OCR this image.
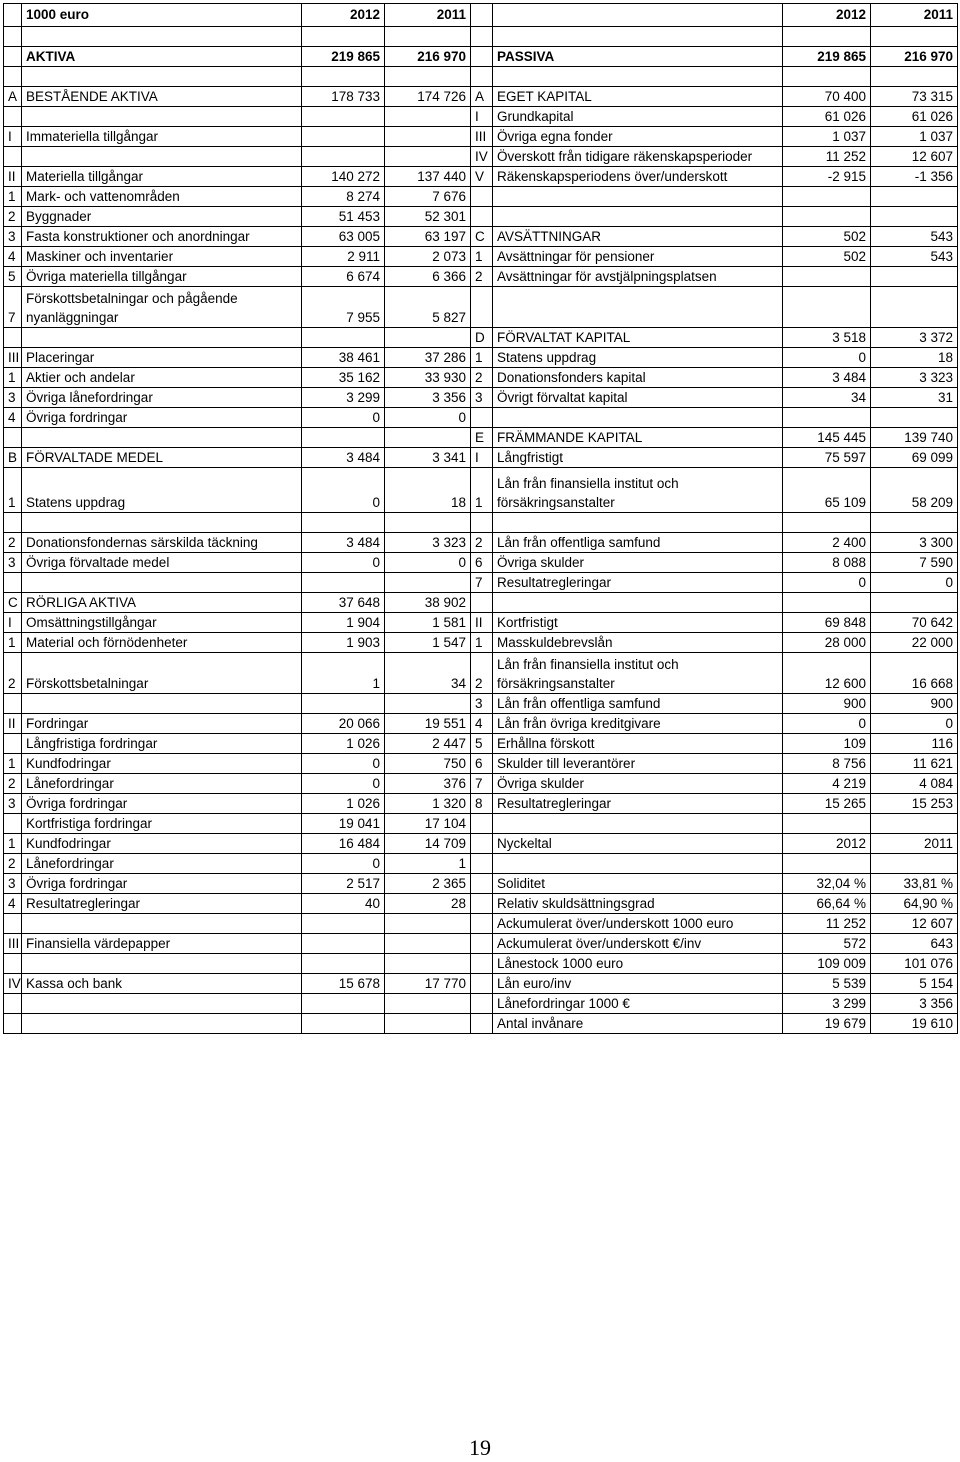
	1000 euro	2012	2011			2012	2011

	AKTIVA	219 865	216 970		PASSIVA	219 865	216 970

A	BESTÅENDE AKTIVA	178 733	174 726	A	EGET KAPITAL	70 400	73 315
				I	Grundkapital	61 026	61 026
I	Immateriella tillgångar			III	Övriga egna fonder	1 037	1 037
				IV	Överskott från tidigare räkenskapsperioder	11 252	12 607
II	Materiella tillgångar	140 272	137 440	V	Räkenskapsperiodens över/underskott	-2 915	-1 356
1	Mark- och vattenområden	8 274	7 676				
2	Byggnader	51 453	52 301				
3	Fasta konstruktioner och anordningar	63 005	63 197	C	AVSÄTTNINGAR	502	543
4	Maskiner och inventarier	2 911	2 073	1	Avsättningar för pensioner	502	543
5	Övriga materiella tillgångar	6 674	6 366	2	Avsättningar för avstjälpningsplatsen		
7	Förskottsbetalningar och pågående
nyanläggningar	7 955	5 827				
				D	FÖRVALTAT KAPITAL	3 518	3 372
III	Placeringar	38 461	37 286	1	Statens uppdrag	0	18
1	Aktier och andelar	35 162	33 930	2	Donationsfonders kapital	3 484	3 323
3	Övriga lånefordringar	3 299	3 356	3	Övrigt förvaltat kapital	34	31
4	Övriga fordringar	0	0				
				E	FRÄMMANDE KAPITAL	145 445	139 740
B	FÖRVALTADE MEDEL	3 484	3 341	I	Långfristigt	75 597	69 099
1	Statens uppdrag	0	18	1	Lån från finansiella institut och
försäkringsanstalter	65 109	58 209

2	Donationsfondernas särskilda täckning	3 484	3 323	2	Lån från offentliga samfund	2 400	3 300
3	Övriga förvaltade medel	0	0	6	Övriga skulder	8 088	7 590
				7	Resultatregleringar	0	0
C	RÖRLIGA AKTIVA	37 648	38 902				
I	Omsättningstillgångar	1 904	1 581	II	Kortfristigt	69 848	70 642
1	Material och förnödenheter	1 903	1 547	1	Masskuldebrevslån	28 000	22 000
2	Förskottsbetalningar	1	34	2	Lån från finansiella institut och
försäkringsanstalter	12 600	16 668
				3	Lån från offentliga samfund	900	900
II	Fordringar	20 066	19 551	4	Lån från övriga kreditgivare	0	0
	Långfristiga fordringar	1 026	2 447	5	Erhållna förskott	109	116
1	Kundfodringar	0	750	6	Skulder till leverantörer	8 756	11 621
2	Lånefordringar	0	376	7	Övriga skulder	4 219	4 084
3	Övriga fordringar	1 026	1 320	8	Resultatregleringar	15 265	15 253
	Kortfristiga fordringar	19 041	17 104				
1	Kundfodringar	16 484	14 709		Nyckeltal	2012	2011
2	Lånefordringar	0	1				
3	Övriga fordringar	2 517	2 365		Soliditet	32,04 %	33,81 %
4	Resultatregleringar	40	28		Relativ skuldsättningsgrad	66,64 %	64,90 %
					Ackumulerat över/underskott 1000 euro	11 252	12 607
III	Finansiella värdepapper				Ackumulerat över/underskott €/inv	572	643
					Lånestock 1000 euro	109 009	101 076
IV	Kassa och bank	15 678	17 770		Lån euro/inv	5 539	5 154
					Lånefordringar 1000 €	3 299	3 356
					Antal invånare	19 679	19 610
19
